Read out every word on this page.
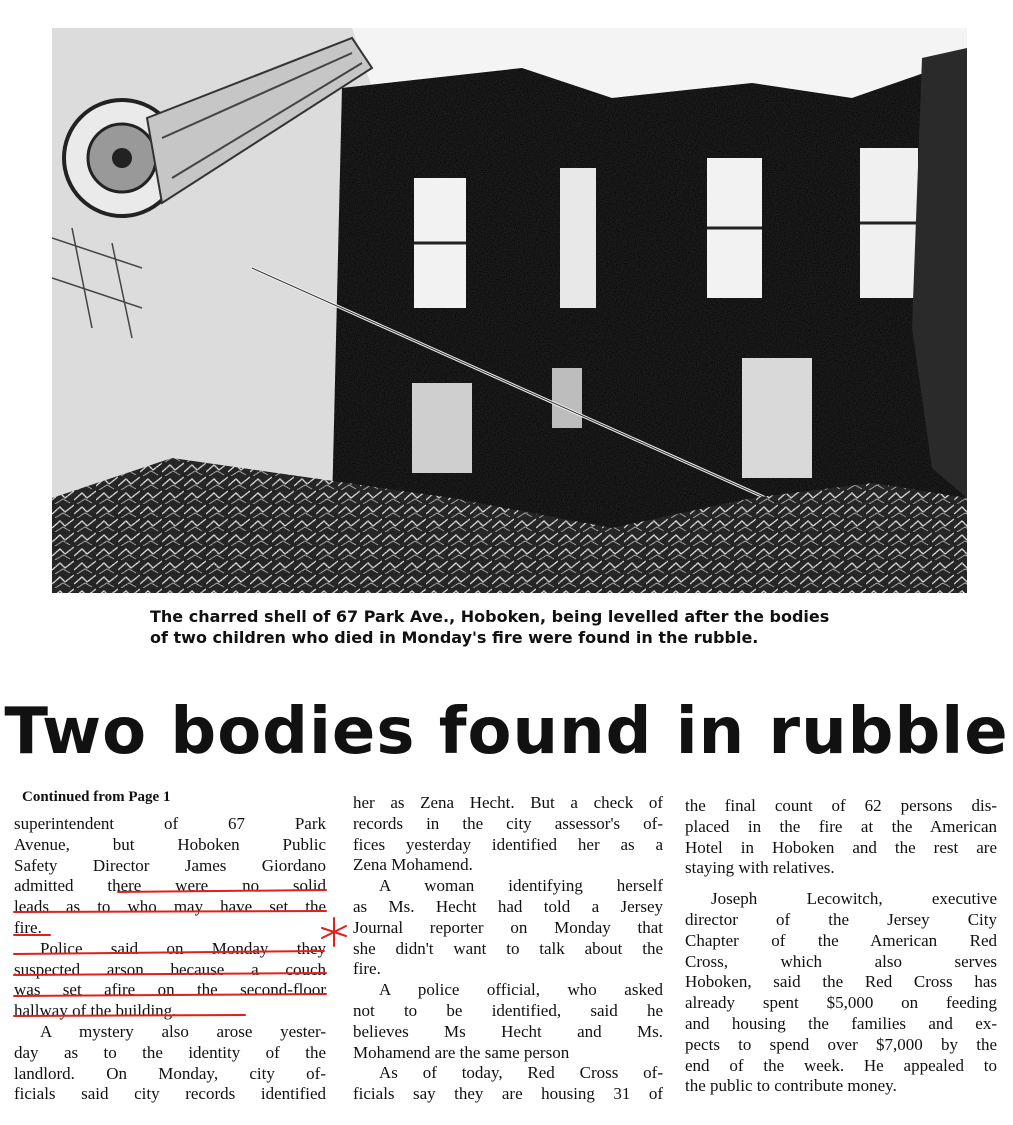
The charred shell of 67 Park Ave., Hoboken, being levelled after the bodies of two children who died in Monday's fire were found in the rubble.
Two bodies found in rubble
Continued from Page 1
superintendent of 67 Park
Avenue, but Hoboken Public
Safety Director James Giordano
admitted there were no solid
leads as to who may have set the
fire.
Police said on Monday they
suspected arson because a couch
was set afire on the second-floor
hallway of the building.
A mystery also arose yester-
day as to the identity of the
landlord. On Monday, city of-
ficials said city records identified
her as Zena Hecht. But a check of
records in the city assessor's of-
fices yesterday identified her as a
Zena Mohamend.
A woman identifying herself
as Ms. Hecht had told a Jersey
Journal reporter on Monday that
she didn't want to talk about the
fire.
A police official, who asked
not to be identified, said he
believes Ms Hecht and Ms.
Mohamend are the same person
As of today, Red Cross of-
ficials say they are housing 31 of
the final count of 62 persons dis-
placed in the fire at the American
Hotel in Hoboken and the rest are
staying with relatives.
Joseph Lecowitch, executive
director of the Jersey City
Chapter of the American Red
Cross, which also serves
Hoboken, said the Red Cross has
already spent $5,000 on feeding
and housing the families and ex-
pects to spend over $7,000 by the
end of the week. He appealed to
the public to contribute money.
